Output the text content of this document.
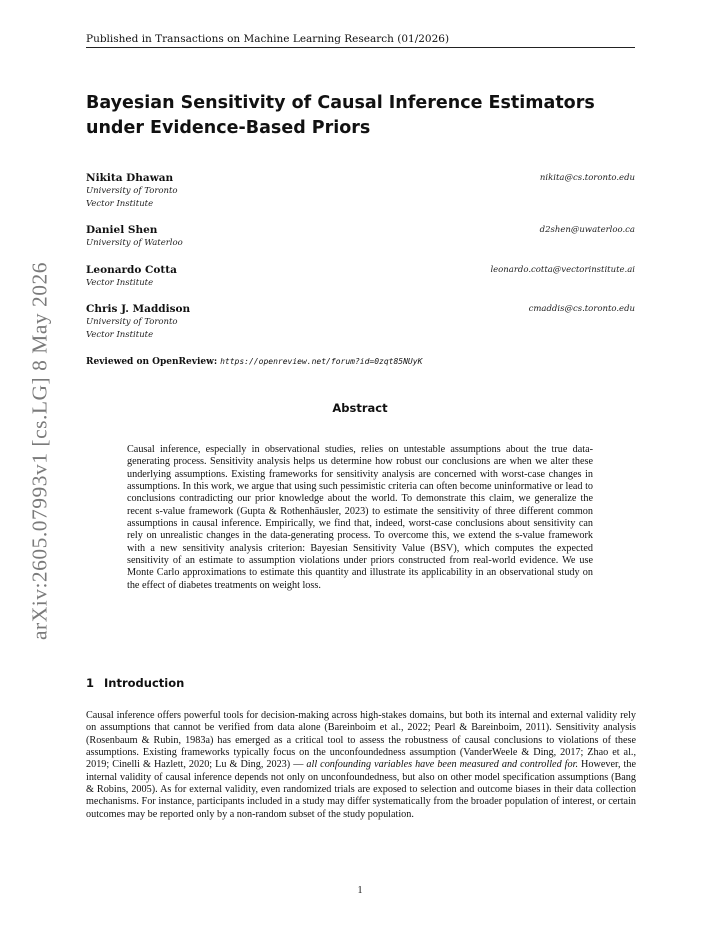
arXiv:2605.07993v1 [cs.LG] 8 May 2026
Published in Transactions on Machine Learning Research (01/2026)
Bayesian Sensitivity of Causal Inference Estimators
under Evidence-Based Priors
Nikita Dhawan
University of Toronto
Vector Institute
nikita@cs.toronto.edu
Daniel Shen
University of Waterloo
d2shen@uwaterloo.ca
Leonardo Cotta
Vector Institute
leonardo.cotta@vectorinstitute.ai
Chris J. Maddison
University of Toronto
Vector Institute
cmaddis@cs.toronto.edu
Reviewed on OpenReview: https://openreview.net/forum?id=0zqt85NUyK
Abstract
Causal inference, especially in observational studies, relies on untestable assumptions about the true data-generating process. Sensitivity analysis helps us determine how robust our conclusions are when we alter these underlying assumptions. Existing frameworks for sensitivity analysis are concerned with worst-case changes in assumptions. In this work, we argue that using such pessimistic criteria can often become uninformative or lead to conclusions contradicting our prior knowledge about the world. To demonstrate this claim, we generalize the recent s-value framework (Gupta & Rothenhäusler, 2023) to estimate the sensitivity of three different common assumptions in causal inference. Empirically, we find that, indeed, worst-case conclusions about sensitivity can rely on unrealistic changes in the data-generating process. To overcome this, we extend the s-value framework with a new sensitivity analysis criterion: Bayesian Sensitivity Value (BSV), which computes the expected sensitivity of an estimate to assumption violations under priors constructed from real-world evidence. We use Monte Carlo approximations to estimate this quantity and illustrate its applicability in an observational study on the effect of diabetes treatments on weight loss.
1 Introduction
Causal inference offers powerful tools for decision-making across high-stakes domains, but both its internal and external validity rely on assumptions that cannot be verified from data alone (Bareinboim et al., 2022; Pearl & Bareinboim, 2011). Sensitivity analysis (Rosenbaum & Rubin, 1983a) has emerged as a critical tool to assess the robustness of causal conclusions to violations of these assumptions. Existing frameworks typically focus on the unconfoundedness assumption (VanderWeele & Ding, 2017; Zhao et al., 2019; Cinelli & Hazlett, 2020; Lu & Ding, 2023) — all confounding variables have been measured and controlled for. However, the internal validity of causal inference depends not only on unconfoundedness, but also on other model specification assumptions (Bang & Robins, 2005). As for external validity, even randomized trials are exposed to selection and outcome biases in their data collection mechanisms. For instance, participants included in a study may differ systematically from the broader population of interest, or certain outcomes may be reported only by a non-random subset of the study population.
1
